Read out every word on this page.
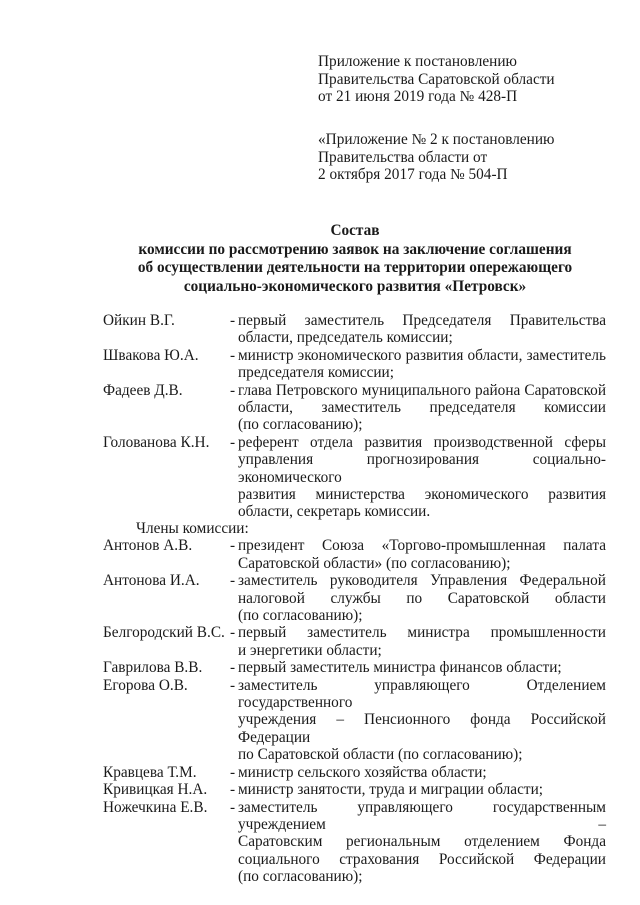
Приложение к постановлению
Правительства Саратовской области
от 21 июня 2019 года № 428-П
«Приложение № 2 к постановлению
Правительства области от
2 октября 2017 года № 504-П
Состав
комиссии по рассмотрению заявок на заключение соглашения
об осуществлении деятельности на территории опережающего
социально-экономического развития «Петровск»
Ойкин В.Г.	- первый заместитель Председателя Правительства
области, председатель комиссии;
Швакова Ю.А.	- министр экономического развития области, заместитель
председателя комиссии;
Фадеев Д.В.	- глава Петровского муниципального района Саратовской
области, заместитель председателя комиссии
(по согласованию);
Голованова К.Н.	- референт отдела развития производственной сферы
управления прогнозирования социально-экономического
развития министерства экономического развития
области, секретарь комиссии.
Члены комиссии:
Антонов А.В.	- президент Союза «Торгово-промышленная палата
Саратовской области» (по согласованию);
Антонова И.А.	- заместитель руководителя Управления Федеральной
налоговой службы по Саратовской области
(по согласованию);
Белгородский В.С. - первый заместитель министра промышленности
и энергетики области;
Гаврилова В.В.	- первый заместитель министра финансов области;
Егорова О.В.	- заместитель управляющего Отделением государственного
учреждения – Пенсионного фонда Российской Федерации
по Саратовской области (по согласованию);
Кравцева Т.М.	- министр сельского хозяйства области;
Кривицкая Н.А.	- министр занятости, труда и миграции области;
Ножечкина Е.В.	- заместитель управляющего государственным учреждением –
Саратовским региональным отделением Фонда
социального страхования Российской Федерации
(по согласованию);
